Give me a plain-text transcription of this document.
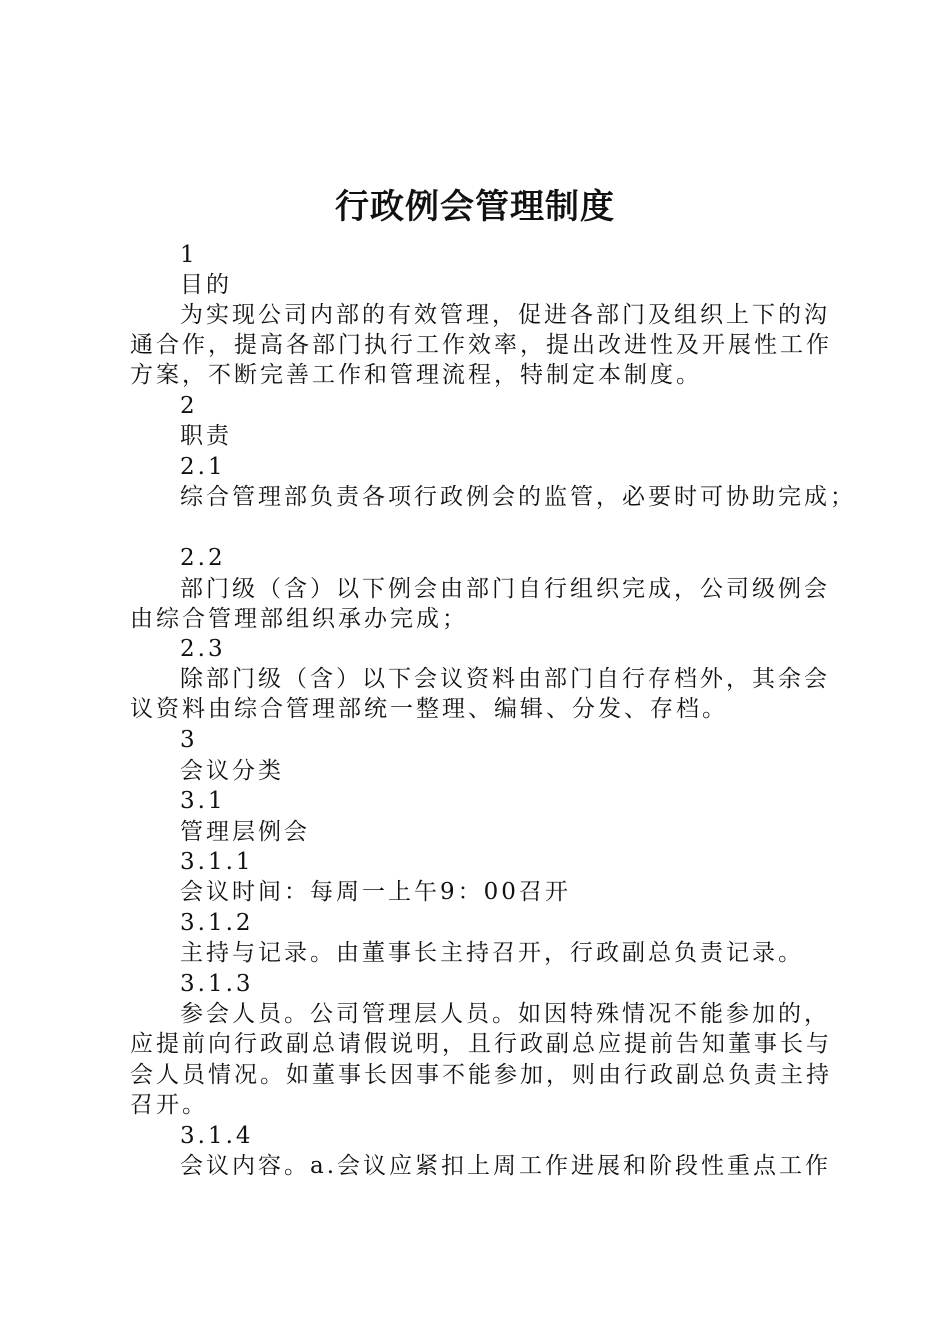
行政例会管理制度
1
目的
为实现公司内部的有效管理，促进各部门及组织上下的沟
通合作，提高各部门执行工作效率，提出改进性及开展性工作
方案，不断完善工作和管理流程，特制定本制度。
2
职责
2.1
综合管理部负责各项行政例会的监管，必要时可协助完成；
2.2
部门级（含）以下例会由部门自行组织完成，公司级例会
由综合管理部组织承办完成；
2.3
除部门级（含）以下会议资料由部门自行存档外，其余会
议资料由综合管理部统一整理、编辑、分发、存档。
3
会议分类
3.1
管理层例会
3.1.1
会议时间：每周一上午9：00召开
3.1.2
主持与记录。由董事长主持召开，行政副总负责记录。
3.1.3
参会人员。公司管理层人员。如因特殊情况不能参加的，
应提前向行政副总请假说明，且行政副总应提前告知董事长与
会人员情况。如董事长因事不能参加，则由行政副总负责主持
召开。
3.1.4
会议内容。a.会议应紧扣上周工作进展和阶段性重点工作
